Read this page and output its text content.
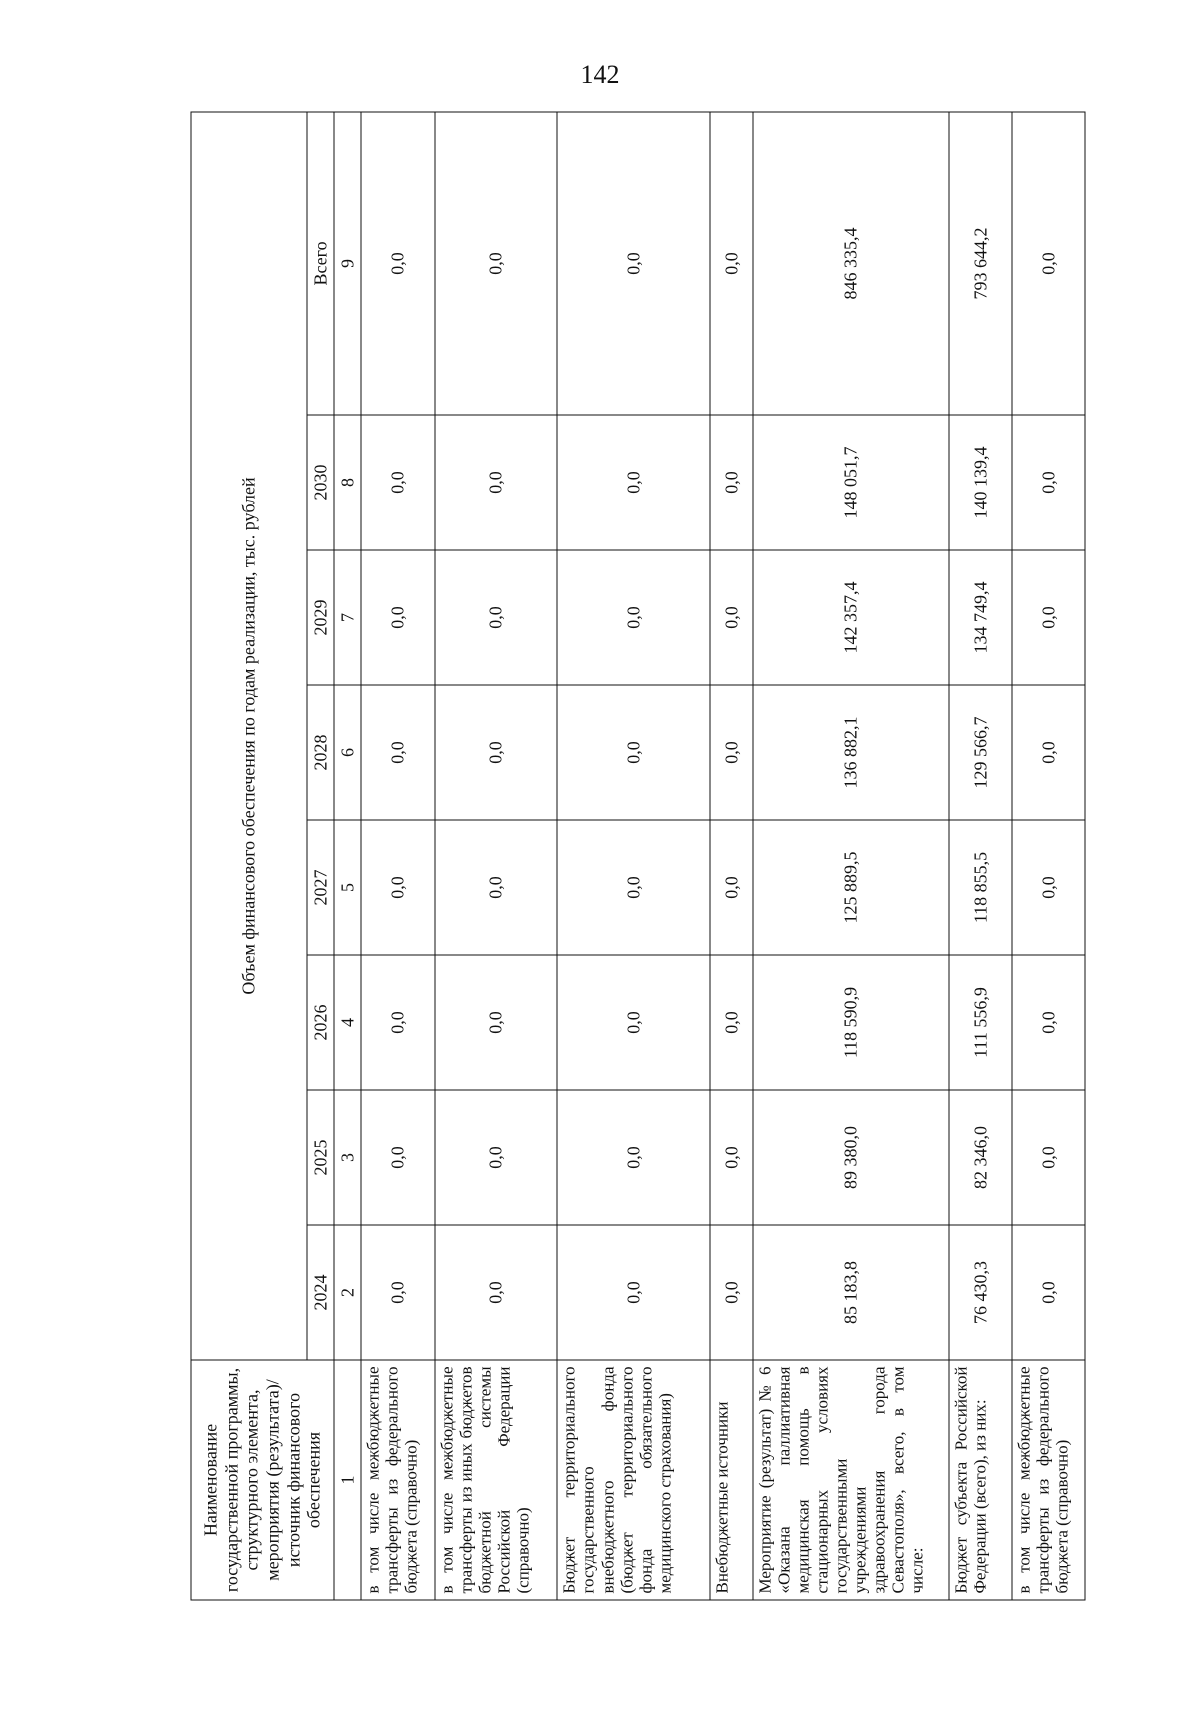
142
Наименование государственной программы, структурного элемента, мероприятия (результата)/источник финансового обеспечения	Объем финансового обеспечения по годам реализации, тыс. рублей							
	2024	2025	2026	2027	2028	2029	2030	Всего
1	2	3	4	5	6	7	8	9
в том числе межбюджетные трансферты из федерального бюджета (справочно)	0,0	0,0	0,0	0,0	0,0	0,0	0,0	0,0
в том числе межбюджетные трансферты из иных бюджетов бюджетной системы Российской Федерации (справочно)	0,0	0,0	0,0	0,0	0,0	0,0	0,0	0,0
Бюджет территориального государственного внебюджетного фонда (бюджет территориального фонда обязательного медицинского страхования)	0,0	0,0	0,0	0,0	0,0	0,0	0,0	0,0
Внебюджетные источники	0,0	0,0	0,0	0,0	0,0	0,0	0,0	0,0
Мероприятие (результат) № 6 «Оказана паллиативная медицинская помощь в стационарных условиях государственными учреждениями здравоохранения города Севастополя», всего, в том числе:	85 183,8	89 380,0	118 590,9	125 889,5	136 882,1	142 357,4	148 051,7	846 335,4
Бюджет субъекта Российской Федерации (всего), из них:	76 430,3	82 346,0	111 556,9	118 855,5	129 566,7	134 749,4	140 139,4	793 644,2
в том числе межбюджетные трансферты из федерального бюджета (справочно)	0,0	0,0	0,0	0,0	0,0	0,0	0,0	0,0
